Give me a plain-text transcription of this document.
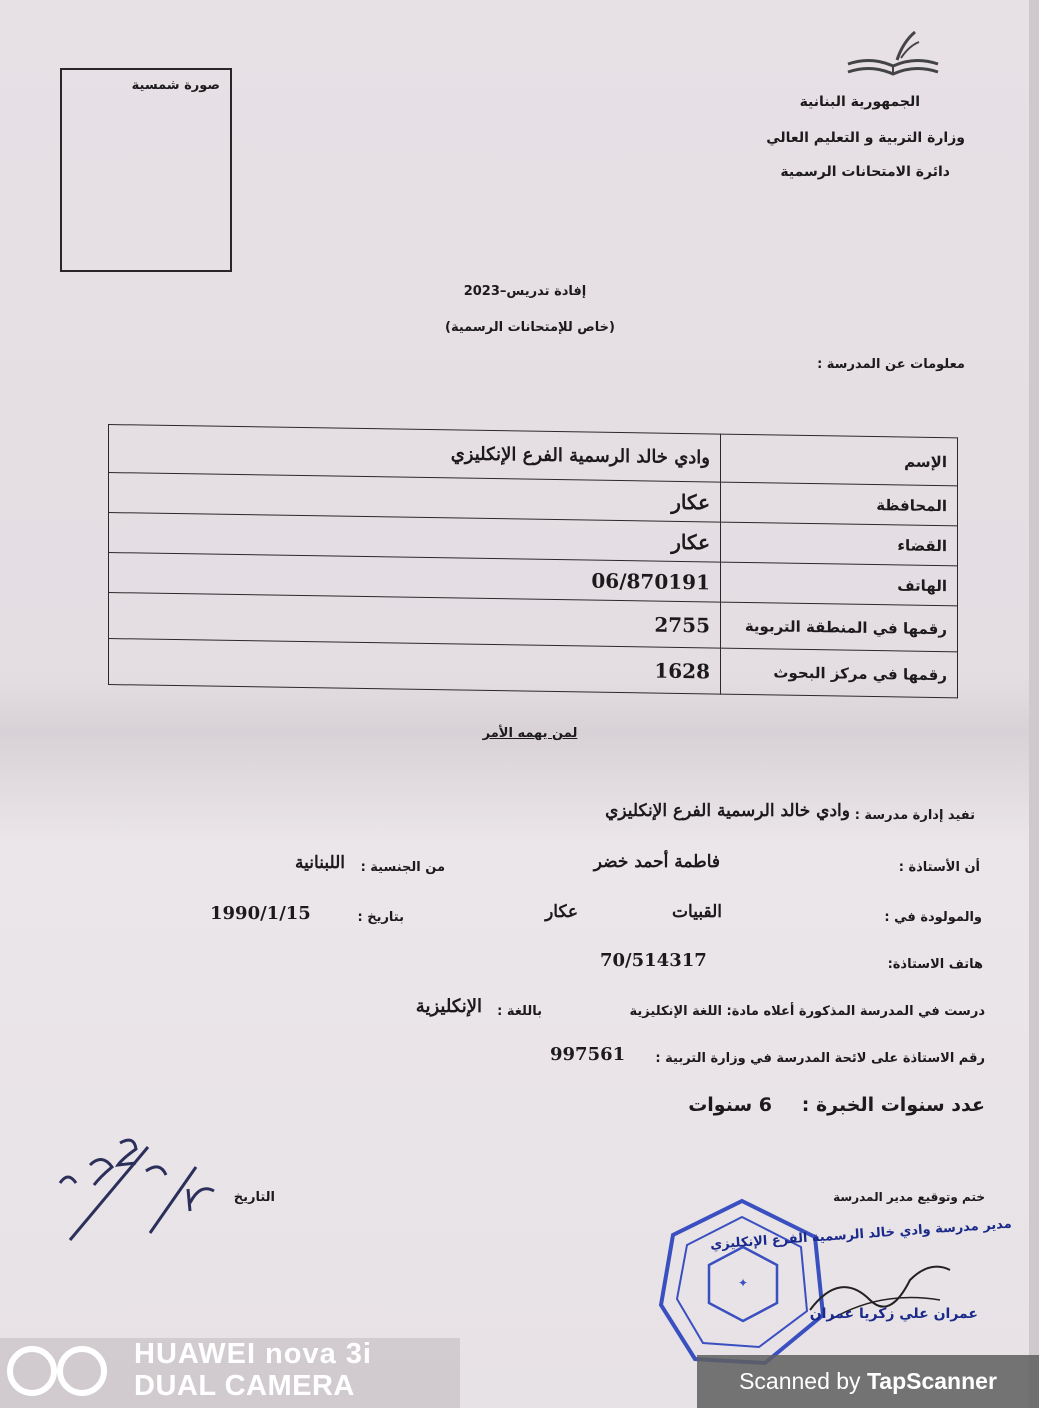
الجمهورية البنانية
وزارة التربية و التعليم العالي
دائرة الامتحانات الرسمية
صورة شمسية
إفادة تدريس–2023
(خاص للإمتحانات الرسمية)
معلومات عن المدرسة :
الإسم	وادي خالد الرسمية الفرع الإنكليزي
المحافظة	عكار
القضاء	عكار
الهاتف	06/870191
رقمها في المنطقة التربوية	2755
رقمها في مركز البحوث	1628
لمن يهمه الأمر
تفيد إدارة مدرسة :
وادي خالد الرسمية الفرع الإنكليزي
أن الأستاذة :
فاطمة أحمد خضر
من الجنسية :
اللبنانية
والمولودة في :
القبيات
عكار
بتاريخ :
1990/1/15
هاتف الاستاذة:
70/514317
درست في المدرسة المذكورة أعلاه مادة: اللغة الإنكليزية
باللغة :
الإنكليزية
رقم الاستاذة على لائحة المدرسة في وزارة التربية :
997561
عدد سنوات الخبرة :
6 سنوات
التاريخ	ختم وتوقيع مدير المدرسة
✦
مدير مدرسة وادي خالد الرسمية الفرع الإنكليزي
عمران علي زكريا عمران
HUAWEI nova 3i
DUAL CAMERA	Scanned by TapScanner
